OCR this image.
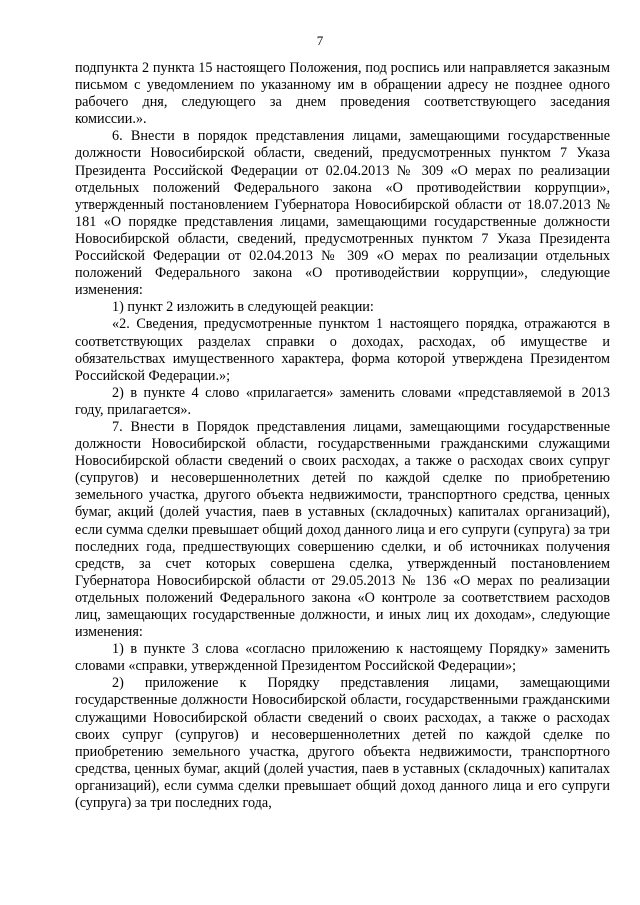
7

подпункта 2 пункта 15 настоящего Положения, под роспись или направляется заказным письмом с уведомлением по указанному им в обращении адресу не позднее одного рабочего дня, следующего за днем проведения соответствующего заседания комиссии.».

6. Внести в порядок представления лицами, замещающими государственные должности Новосибирской области, сведений, предусмотренных пунктом 7 Указа Президента Российской Федерации от 02.04.2013 № 309 «О мерах по реализации отдельных положений Федерального закона «О противодействии коррупции», утвержденный постановлением Губернатора Новосибирской области от 18.07.2013 № 181 «О порядке представления лицами, замещающими государственные должности Новосибирской области, сведений, предусмотренных пунктом 7 Указа Президента Российской Федерации от 02.04.2013 № 309 «О мерах по реализации отдельных положений Федерального закона «О противодействии коррупции», следующие изменения:

1) пункт 2 изложить в следующей реакции:

«2. Сведения, предусмотренные пунктом 1 настоящего порядка, отражаются в соответствующих разделах справки о доходах, расходах, об имуществе и обязательствах имущественного характера, форма которой утверждена Президентом Российской Федерации.»;

2) в пункте 4 слово «прилагается» заменить словами «представляемой в 2013 году, прилагается».

7. Внести в Порядок представления лицами, замещающими государственные должности Новосибирской области, государственными гражданскими служащими Новосибирской области сведений о своих расходах, а также о расходах своих супруг (супругов) и несовершеннолетних детей по каждой сделке по приобретению земельного участка, другого объекта недвижимости, транспортного средства, ценных бумаг, акций (долей участия, паев в уставных (складочных) капиталах организаций), если сумма сделки превышает общий доход данного лица и его супруги (супруга) за три последних года, предшествующих совершению сделки, и об источниках получения средств, за счет которых совершена сделка, утвержденный постановлением Губернатора Новосибирской области от 29.05.2013 № 136 «О мерах по реализации отдельных положений Федерального закона «О контроле за соответствием расходов лиц, замещающих государственные должности, и иных лиц их доходам», следующие изменения:

1) в пункте 3 слова «согласно приложению к настоящему Порядку» заменить словами «справки, утвержденной Президентом Российской Федерации»;

2) приложение к Порядку представления лицами, замещающими государственные должности Новосибирской области, государственными гражданскими служащими Новосибирской области сведений о своих расходах, а также о расходах своих супруг (супругов) и несовершеннолетних детей по каждой сделке по приобретению земельного участка, другого объекта недвижимости, транспортного средства, ценных бумаг, акций (долей участия, паев в уставных (складочных) капиталах организаций), если сумма сделки превышает общий доход данного лица и его супруги (супруга) за три последних года,
